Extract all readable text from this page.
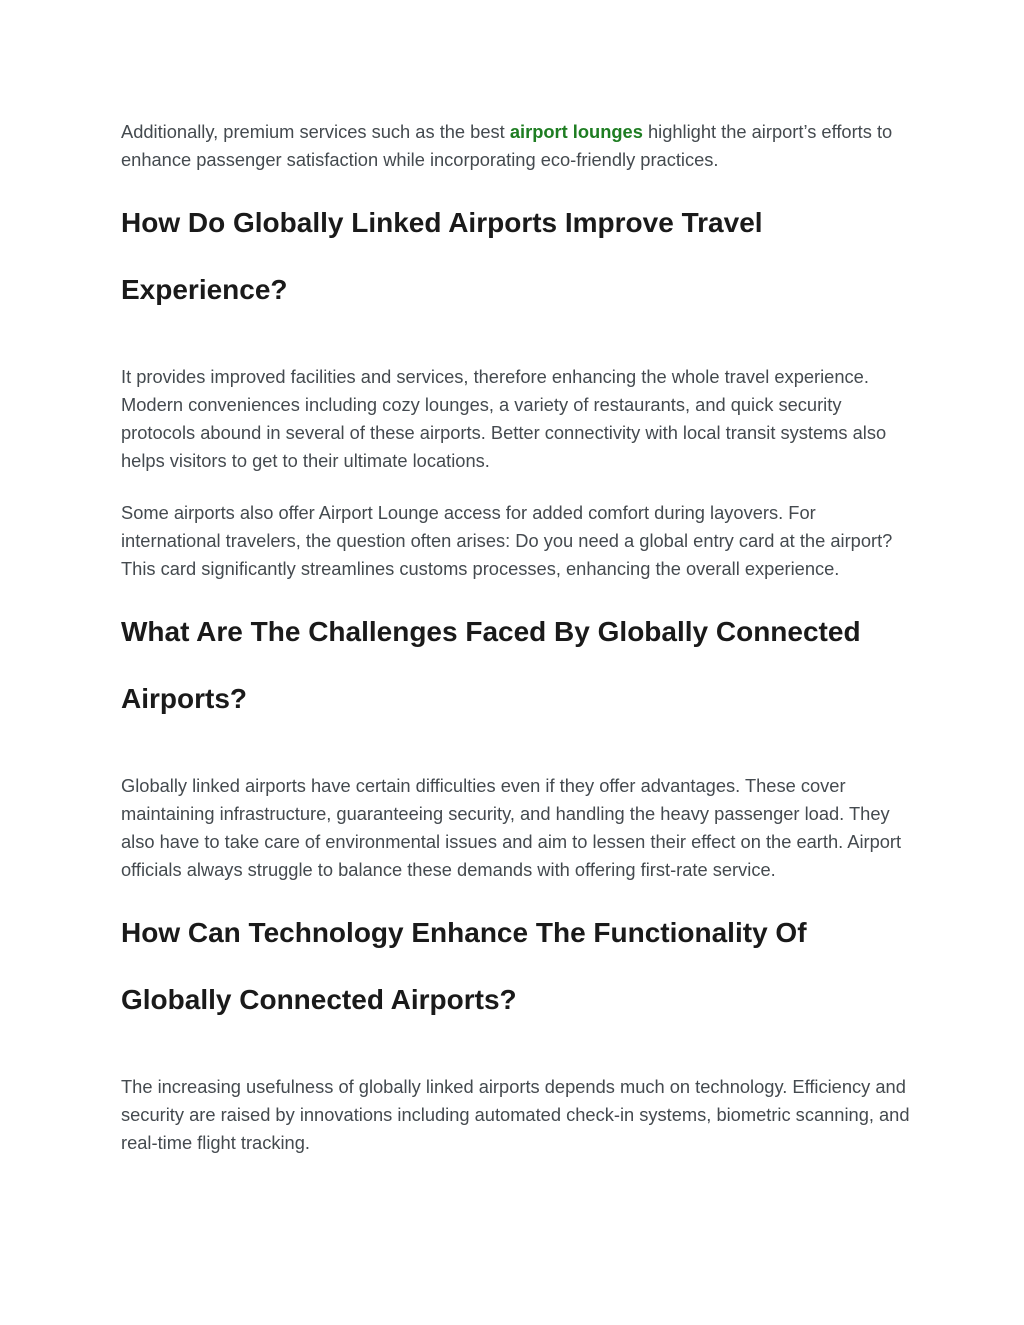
Additionally, premium services such as the best airport lounges highlight the airport’s efforts to enhance passenger satisfaction while incorporating eco-friendly practices.

How Do Globally Linked Airports Improve Travel Experience?

It provides improved facilities and services, therefore enhancing the whole travel experience. Modern conveniences including cozy lounges, a variety of restaurants, and quick security protocols abound in several of these airports. Better connectivity with local transit systems also helps visitors to get to their ultimate locations.

Some airports also offer Airport Lounge access for added comfort during layovers. For international travelers, the question often arises: Do you need a global entry card at the airport? This card significantly streamlines customs processes, enhancing the overall experience.

What Are The Challenges Faced By Globally Connected Airports?

Globally linked airports have certain difficulties even if they offer advantages. These cover maintaining infrastructure, guaranteeing security, and handling the heavy passenger load. They also have to take care of environmental issues and aim to lessen their effect on the earth. Airport officials always struggle to balance these demands with offering first-rate service.

How Can Technology Enhance The Functionality Of Globally Connected Airports?

The increasing usefulness of globally linked airports depends much on technology. Efficiency and security are raised by innovations including automated check-in systems, biometric scanning, and real-time flight tracking.
